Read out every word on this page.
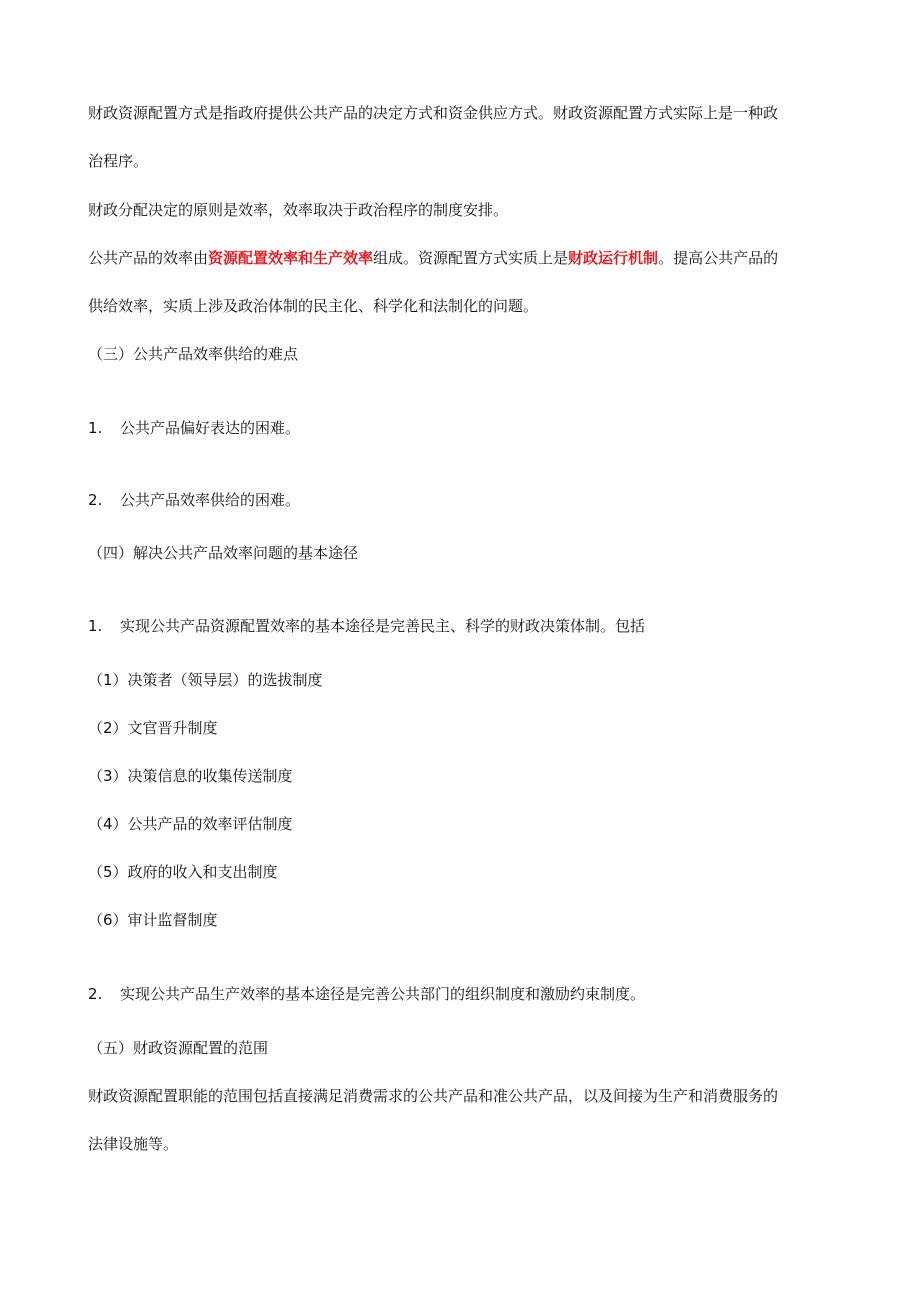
财政资源配置方式是指政府提供公共产品的决定方式和资金供应方式。财政资源配置方式实际上是一种政
治程序。
财政分配决定的原则是效率，效率取决于政治程序的制度安排。
公共产品的效率由资源配置效率和生产效率组成。资源配置方式实质上是财政运行机制。提高公共产品的
供给效率，实质上涉及政治体制的民主化、科学化和法制化的问题。
（三）公共产品效率供给的难点
1. 公共产品偏好表达的困难。
2. 公共产品效率供给的困难。
（四）解决公共产品效率问题的基本途径
1. 实现公共产品资源配置效率的基本途径是完善民主、科学的财政决策体制。包括
（1）决策者（领导层）的选拔制度
（2）文官晋升制度
（3）决策信息的收集传送制度
（4）公共产品的效率评估制度
（5）政府的收入和支出制度
（6）审计监督制度
2. 实现公共产品生产效率的基本途径是完善公共部门的组织制度和激励约束制度。
（五）财政资源配置的范围
财政资源配置职能的范围包括直接满足消费需求的公共产品和准公共产品，以及间接为生产和消费服务的
法律设施等。
